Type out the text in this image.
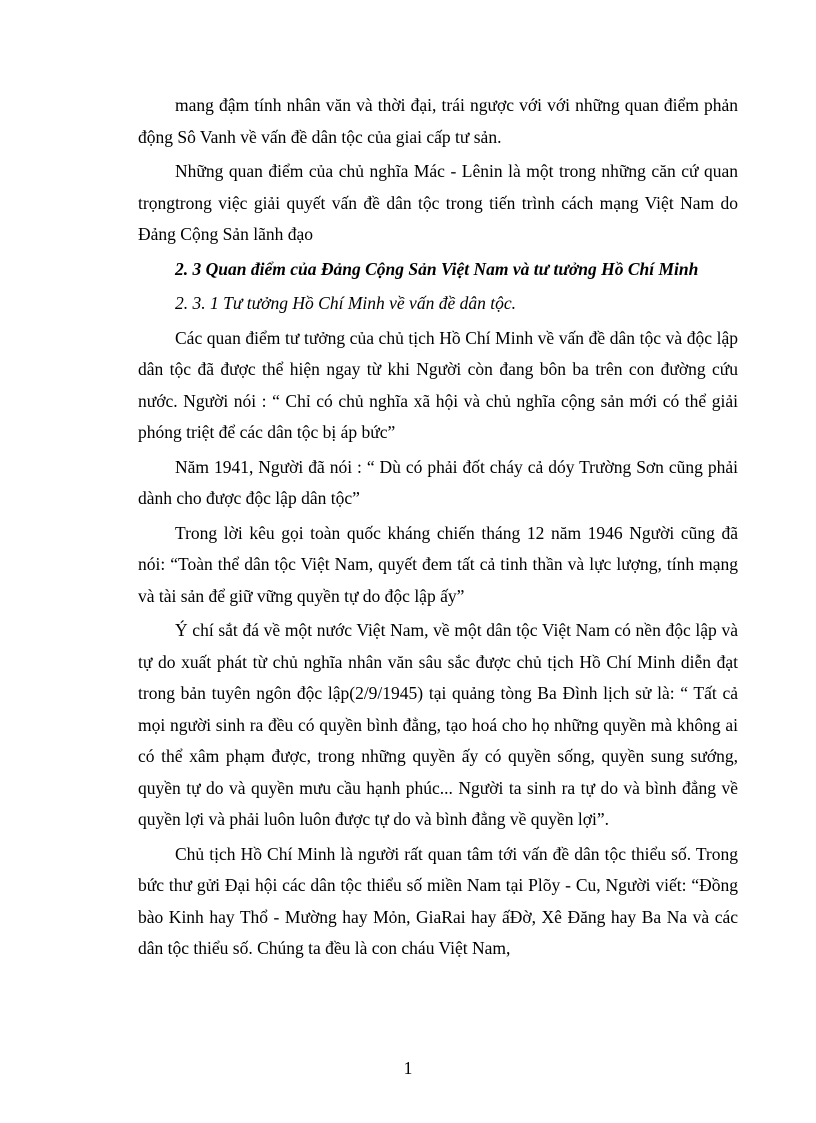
mang đậm tính nhân văn và thời đại, trái ngược với với những quan điểm phản động Sô Vanh về vấn đề dân tộc của giai cấp tư sản.

Những quan điểm của chủ nghĩa Mác - Lênin là một trong những căn cứ quan trọngtrong việc giải quyết vấn đề dân tộc trong tiến trình cách mạng Việt Nam do Đảng Cộng Sản lãnh đạo

2. 3 Quan điểm của Đảng Cộng Sản Việt Nam và tư tưởng Hồ Chí Minh

2. 3. 1 Tư tưởng Hồ Chí Minh về vấn đề dân tộc.

Các quan điểm tư tưởng của chủ tịch Hồ Chí Minh về vấn đề dân tộc và độc lập dân tộc đã được thể hiện ngay từ khi Người còn đang bôn ba trên con đường cứu nước. Người nói : “ Chỉ có chủ nghĩa xã hội và chủ nghĩa cộng sản mới có thể giải phóng triệt để các dân tộc bị áp bức”

Năm 1941, Người đã nói : “ Dù có phải đốt cháy cả dóy Trường Sơn cũng phải dành cho được độc lập dân tộc”

Trong lời kêu gọi toàn quốc kháng chiến tháng 12 năm 1946 Người cũng đã nói: “Toàn thể dân tộc Việt Nam, quyết đem tất cả tinh thần và lực lượng, tính mạng và tài sản để giữ vững quyền tự do độc lập ấy”

Ý chí sắt đá về một nước Việt Nam, về một dân tộc Việt Nam có nền độc lập và tự do xuất phát từ chủ nghĩa nhân văn sâu sắc được chủ tịch Hồ Chí Minh diễn đạt trong bản tuyên ngôn độc lập(2/9/1945) tại quảng tòng Ba Đình lịch sử là: “ Tất cả mọi người sinh ra đều có quyền bình đẳng, tạo hoá cho họ những quyền mà không ai có thể xâm phạm được, trong những quyền ấy có quyền sống, quyền sung sướng, quyền tự do và quyền mưu cầu hạnh phúc... Người ta sinh ra tự do và bình đẳng về quyền lợi và phải luôn luôn được tự do và bình đẳng về quyền lợi”.

Chủ tịch Hồ Chí Minh là người rất quan tâm tới vấn đề dân tộc thiểu số. Trong bức thư gửi Đại hội các dân tộc thiểu số miền Nam tại Plõy - Cu, Người viết: “Đồng bào Kinh hay Thổ - Mường hay Mỏn, GiaRai hay ấĐờ, Xê Đăng hay Ba Na và các dân tộc thiểu số. Chúng ta đều là con cháu Việt Nam,

1
